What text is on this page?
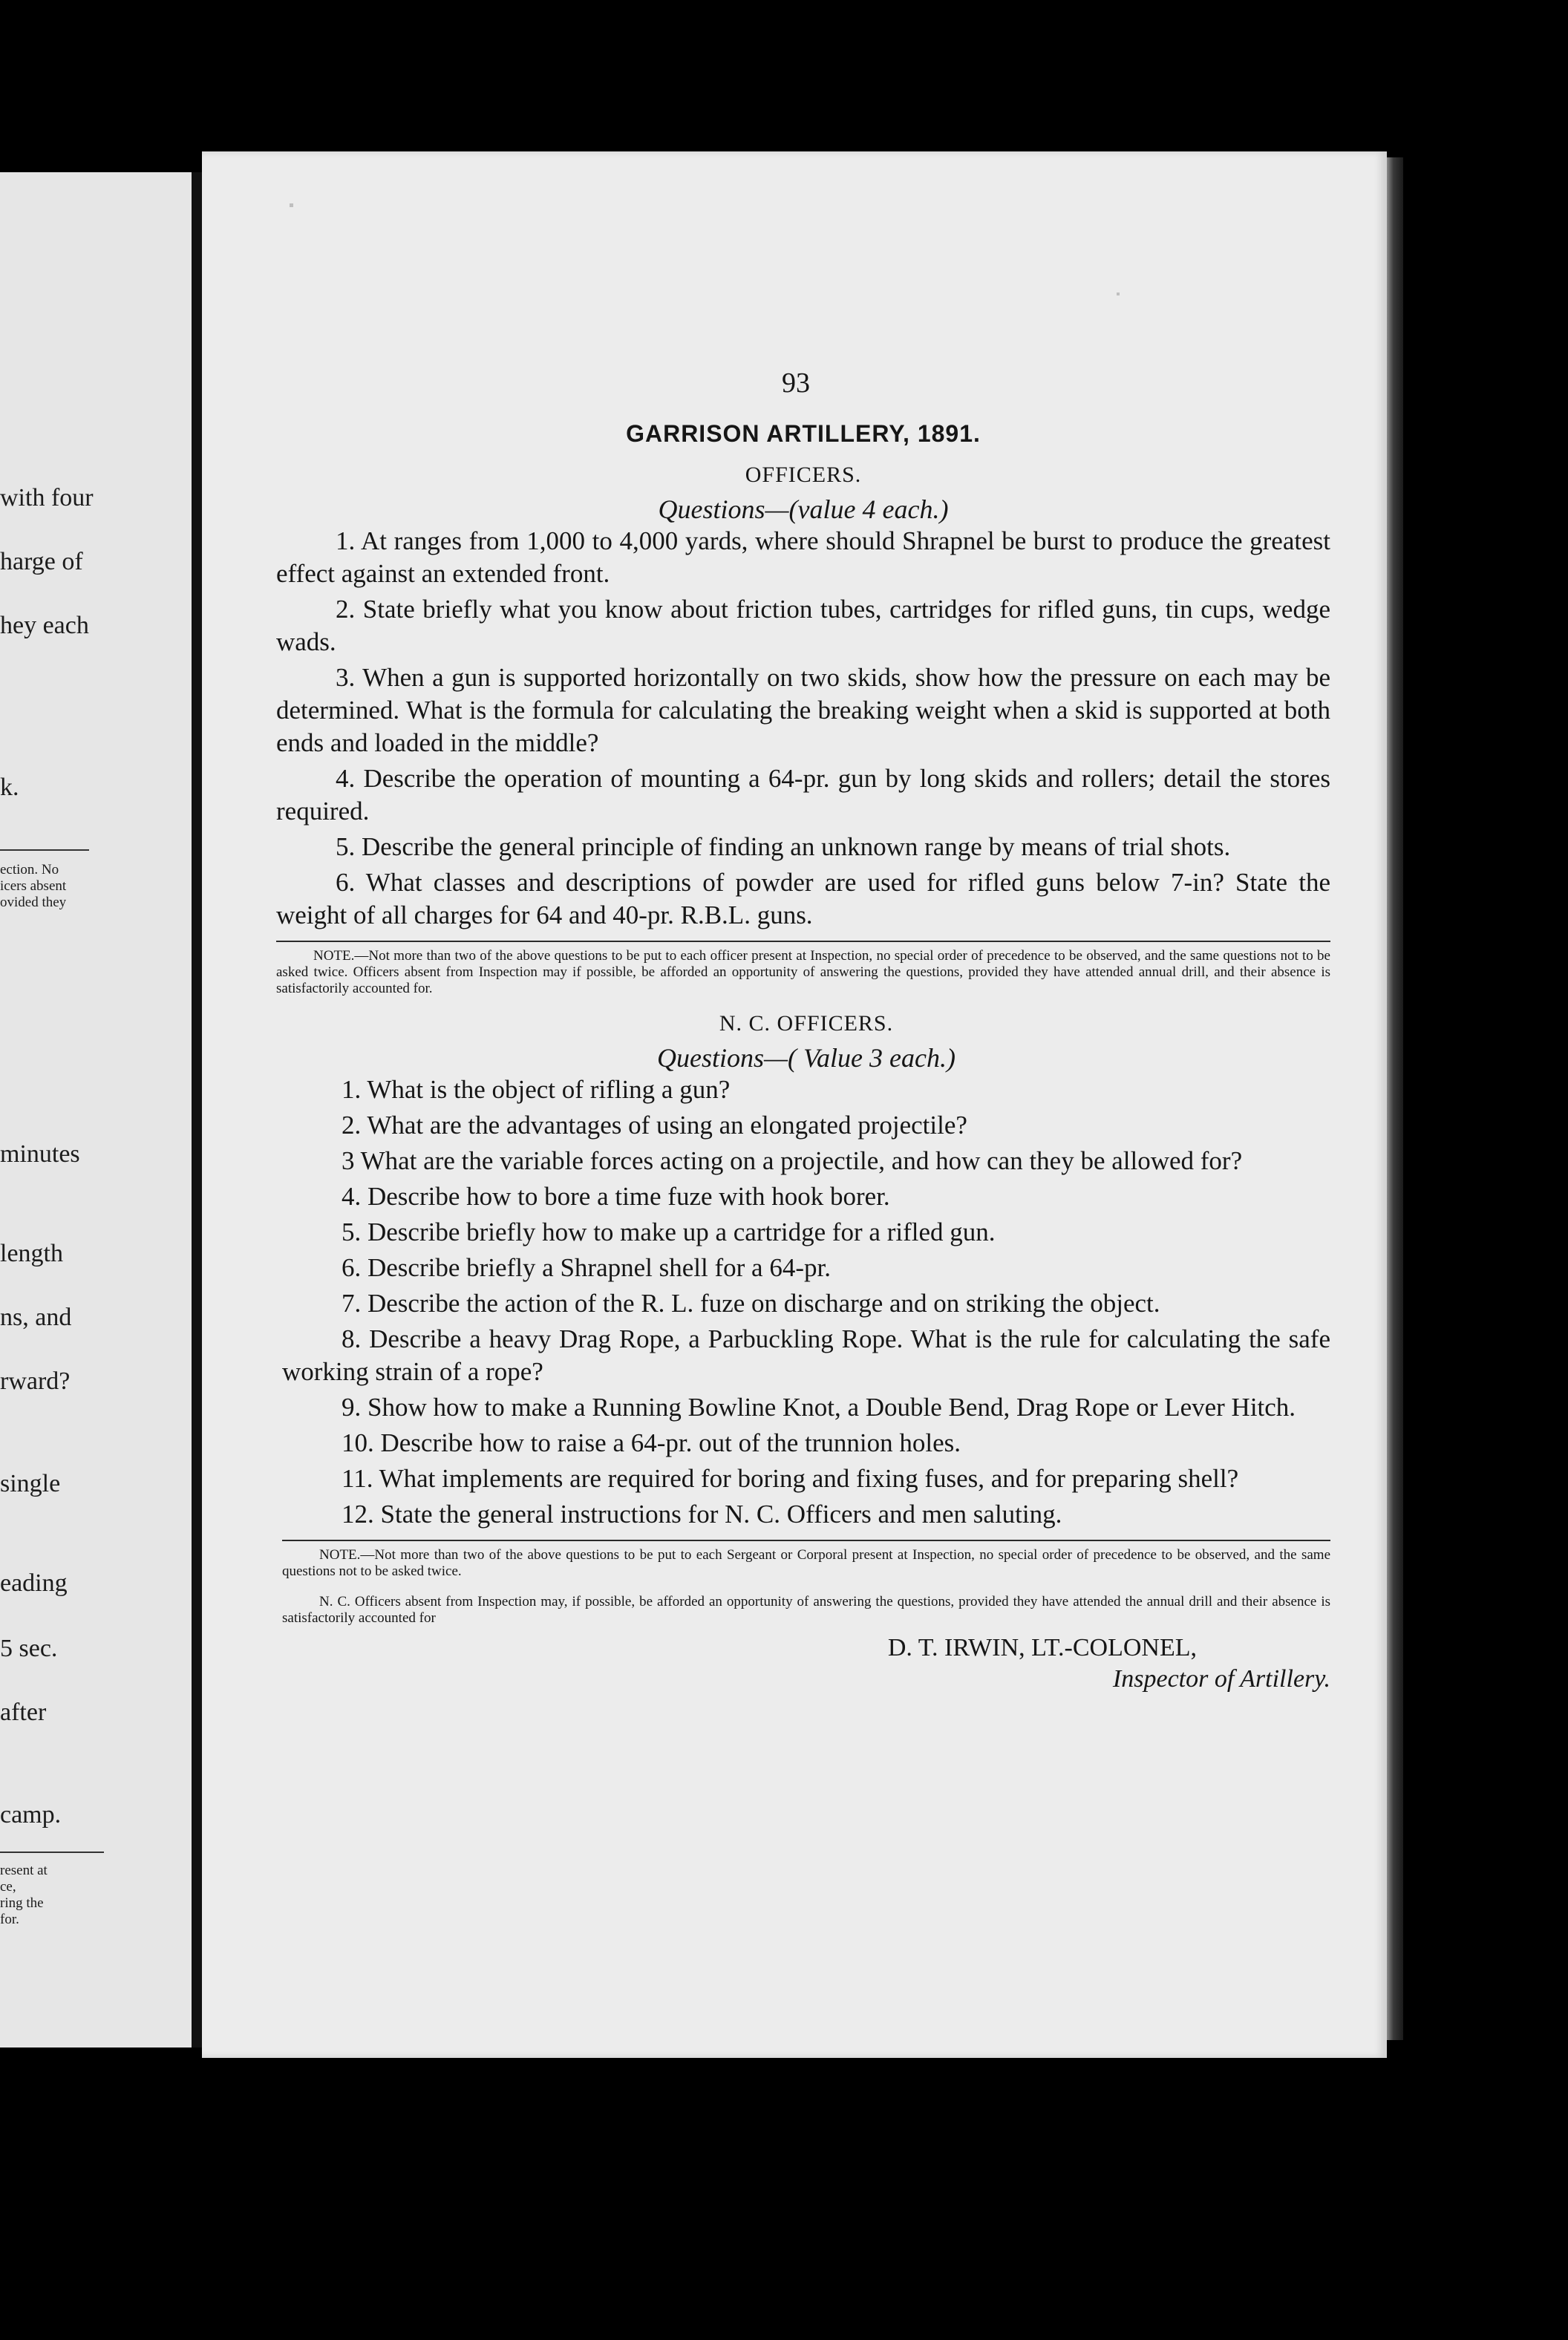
with four
harge of
hey each
k.
ection. No
icers absent
ovided they
minutes
length
ns, and
rward?
single
eading
5 sec.
after
camp.
resent at
ce,
ring the
for.
93
GARRISON ARTILLERY, 1891.
OFFICERS.
Questions—(value 4 each.)

1. At ranges from 1,000 to 4,000 yards, where should Shrapnel be burst to produce the greatest effect against an extended front.

2. State briefly what you know about friction tubes, cartridges for rifled guns, tin cups, wedge wads.

3. When a gun is supported horizontally on two skids, show how the pressure on each may be determined. What is the formula for calculating the breaking weight when a skid is supported at both ends and loaded in the middle?

4. Describe the operation of mounting a 64-pr. gun by long skids and rollers; detail the stores required.

5. Describe the general principle of finding an unknown range by means of trial shots.

6. What classes and descriptions of powder are used for rifled guns below 7-in? State the weight of all charges for 64 and 40-pr. R.B.L. guns.

NOTE.—Not more than two of the above questions to be put to each officer present at Inspection, no special order of precedence to be observed, and the same questions not to be asked twice. Officers absent from Inspection may if possible, be afforded an opportunity of answering the questions, provided they have attended annual drill, and their absence is satisfactorily accounted for.

N. C. OFFICERS.
Questions—( Value 3 each.)

1. What is the object of rifling a gun?

2. What are the advantages of using an elongated projectile?

3 What are the variable forces acting on a projectile, and how can they be allowed for?

4. Describe how to bore a time fuze with hook borer.

5. Describe briefly how to make up a cartridge for a rifled gun.

6. Describe briefly a Shrapnel shell for a 64-pr.

7. Describe the action of the R. L. fuze on discharge and on striking the object.

8. Describe a heavy Drag Rope, a Parbuckling Rope. What is the rule for calculating the safe working strain of a rope?

9. Show how to make a Running Bowline Knot, a Double Bend, Drag Rope or Lever Hitch.

10. Describe how to raise a 64-pr. out of the trunnion holes.

11. What implements are required for boring and fixing fuses, and for preparing shell?

12. State the general instructions for N. C. Officers and men saluting.

NOTE.—Not more than two of the above questions to be put to each Sergeant or Corporal present at Inspection, no special order of precedence to be observed, and the same questions not to be asked twice.

N. C. Officers absent from Inspection may, if possible, be afforded an opportunity of answering the questions, provided they have attended the annual drill and their absence is satisfactorily accounted for

D. T. IRWIN, LT.-COLONEL,
Inspector of Artillery.
